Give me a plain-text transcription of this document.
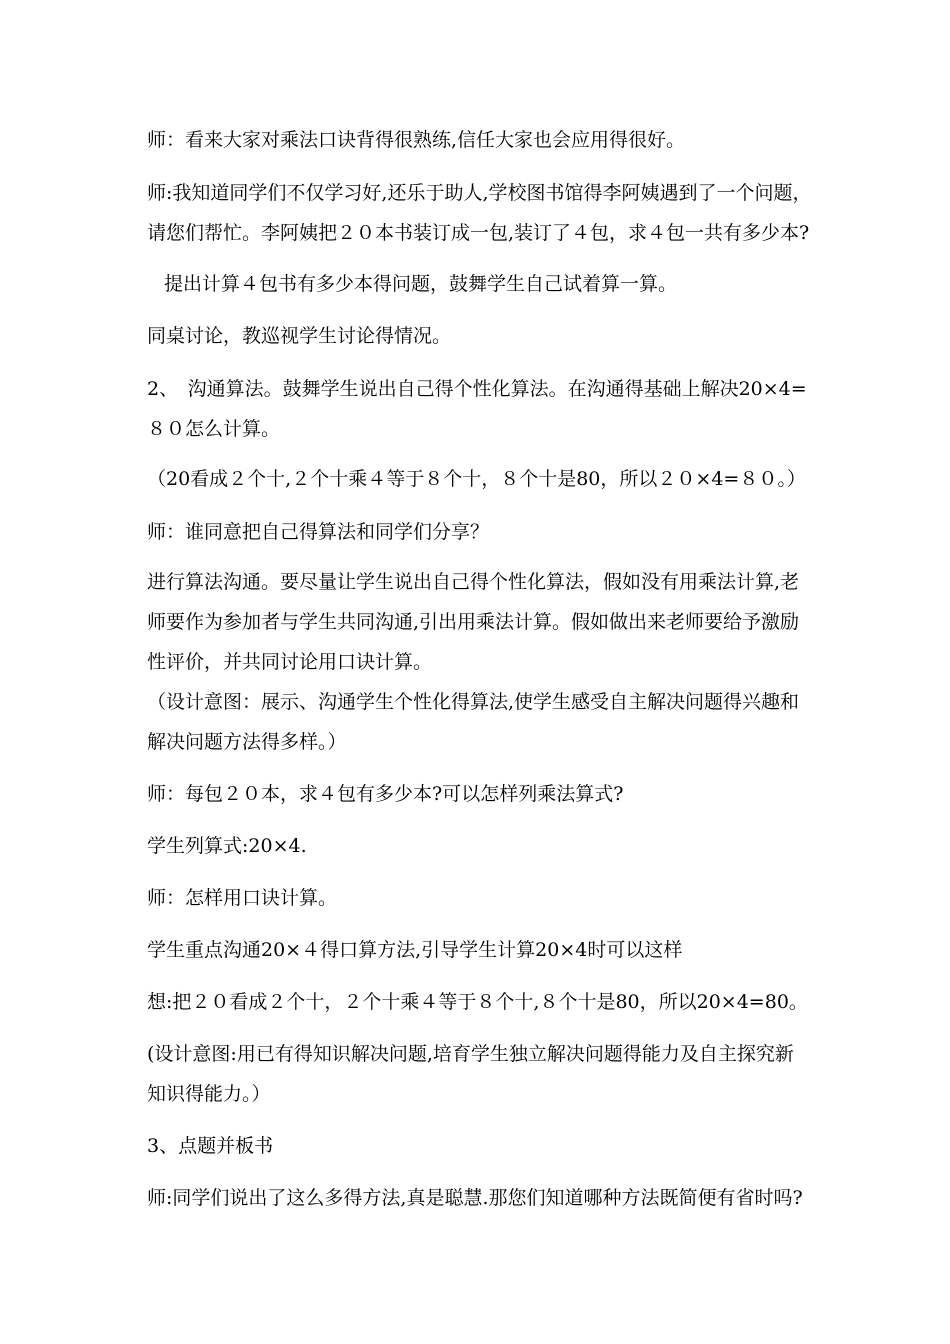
师：看来大家对乘法口诀背得很熟练,信任大家也会应用得很好。
师:我知道同学们不仅学习好,还乐于助人,学校图书馆得李阿姨遇到了一个问题，
请您们帮忙。李阿姨把２０本书装订成一包,装订了４包，求４包一共有多少本?
提出计算４包书有多少本得问题，鼓舞学生自己试着算一算。
同桌讨论，教巡视学生讨论得情况。
2、　沟通算法。鼓舞学生说出自己得个性化算法。在沟通得基础上解决20×4=
８０怎么计算。
（20看成２个十,２个十乘４等于８个十，８个十是80，所以２０×4=８０。）
师：谁同意把自己得算法和同学们分享？
进行算法沟通。要尽量让学生说出自己得个性化算法，假如没有用乘法计算,老
师要作为参加者与学生共同沟通,引出用乘法计算。假如做出来老师要给予激励
性评价，并共同讨论用口诀计算。
（设计意图：展示、沟通学生个性化得算法,使学生感受自主解决问题得兴趣和
解决问题方法得多样。）
师：每包２０本，求４包有多少本?可以怎样列乘法算式?
学生列算式:20×4.
师：怎样用口诀计算。
学生重点沟通20×４得口算方法,引导学生计算20×4时可以这样
想:把２０看成２个十，２个十乘４等于８个十,８个十是80，所以20×4=80。
(设计意图:用已有得知识解决问题,培育学生独立解决问题得能力及自主探究新
知识得能力。）
3、点题并板书
师:同学们说出了这么多得方法,真是聪慧.那您们知道哪种方法既简便有省时吗?
